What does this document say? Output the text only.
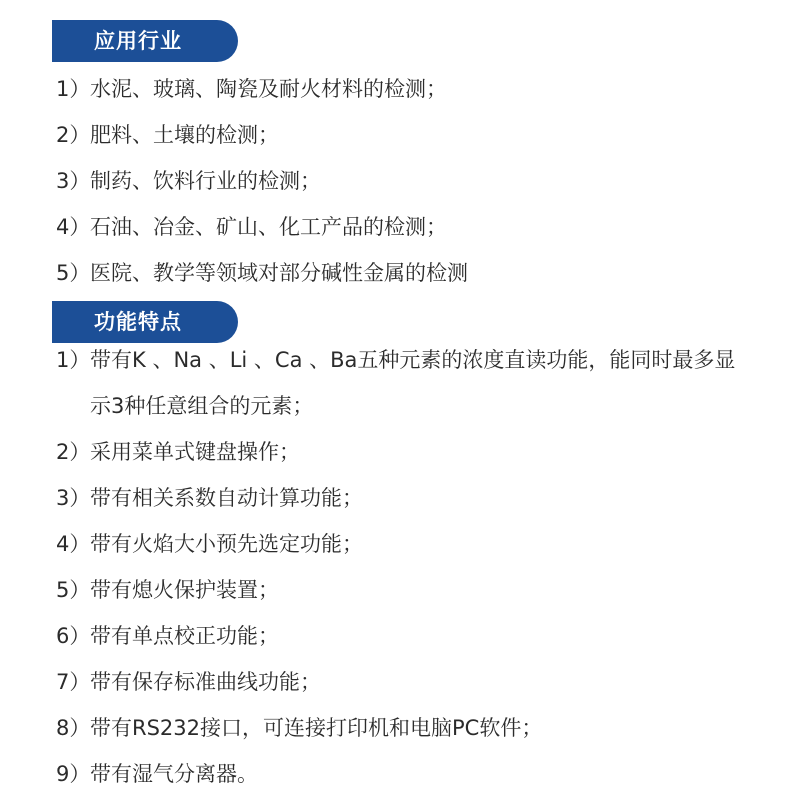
应用行业
1） 水泥、玻璃、陶瓷及耐火材料的检测；
2） 肥料、土壤的检测；
3） 制药、饮料行业的检测；
4） 石油、冶金、矿山、化工产品的检测；
5） 医院、教学等领域对部分碱性金属的检测
功能特点
1） 带有K 、Na 、Li 、Ca 、Ba五种元素的浓度直读功能，能同时最多显示3种任意组合的元素；
2） 采用菜单式键盘操作；
3） 带有相关系数自动计算功能；
4） 带有火焰大小预先选定功能；
5） 带有熄火保护装置；
6） 带有单点校正功能；
7） 带有保存标准曲线功能；
8） 带有RS232接口，可连接打印机和电脑PC软件；
9） 带有湿气分离器。
